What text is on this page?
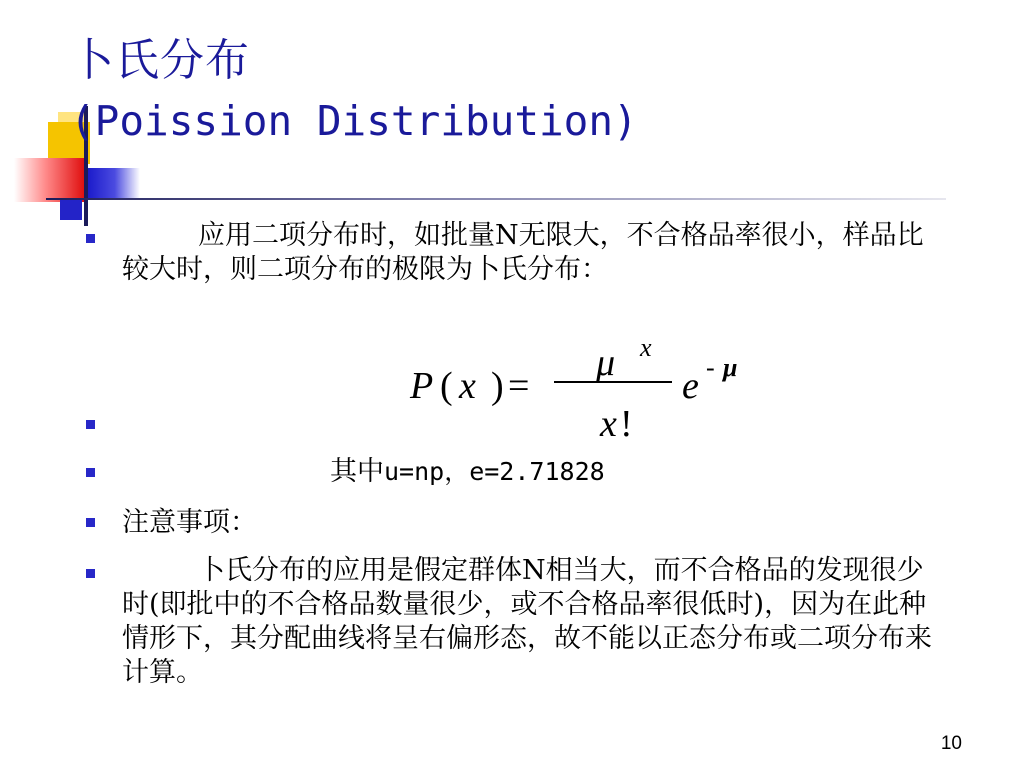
卜氏分布
(Poission Distribution)
应用二项分布时，如批量N无限大，不合格品率很小，样品比较大时，则二项分布的极限为卜氏分布：
其中u=np，e=2.71828
注意事项：
卜氏分布的应用是假定群体N相当大，而不合格品的发现很少时(即批中的不合格品数量很少，或不合格品率很低时)，因为在此种情形下，其分配曲线将呈右偏形态，故不能以正态分布或二项分布来计算。
P ( x ) =
μ x
x !
e - μ
10
